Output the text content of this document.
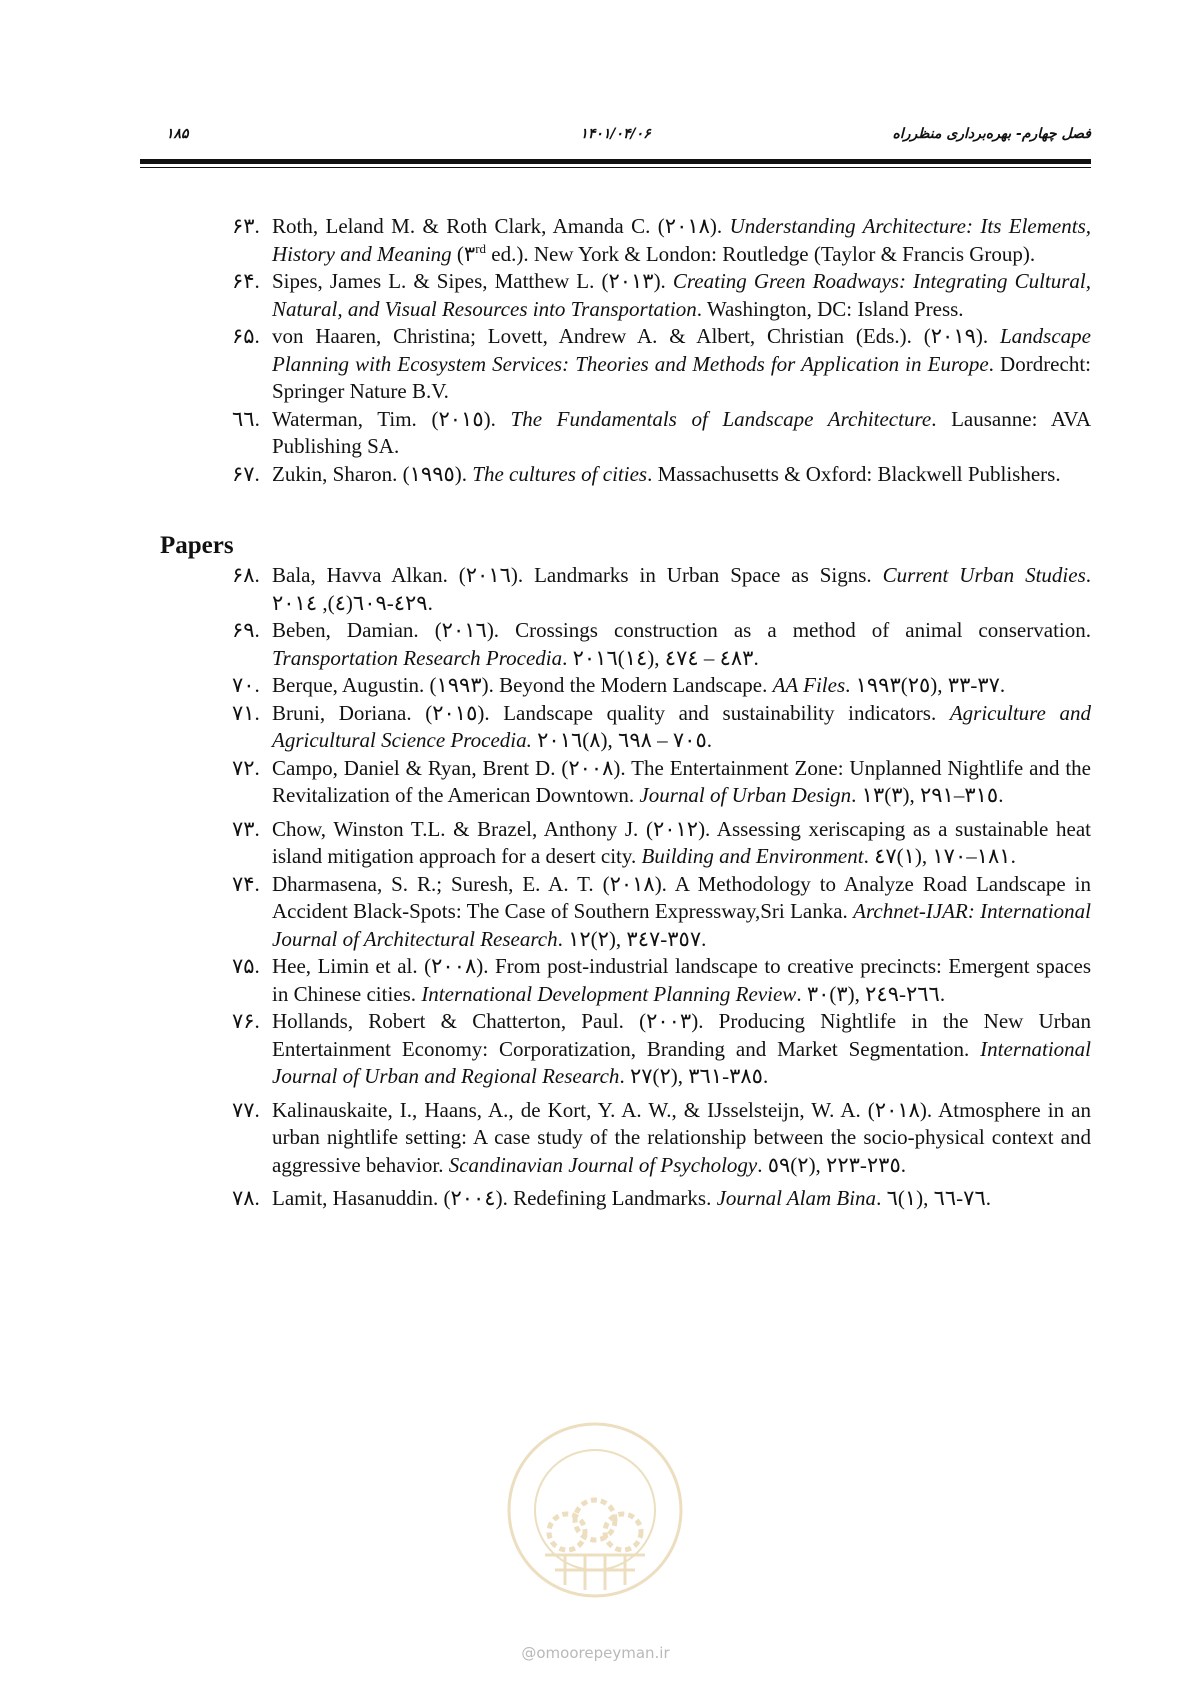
۱۸۵	۱۴۰۱/۰۴/۰۶	فصل چهارم- بهره‌برداری منظرراه
۶۳. Roth, Leland M. & Roth Clark, Amanda C. (۲۰۱۸). Understanding Architecture: Its Elements, History and Meaning (۳rd ed.). New York & London: Routledge (Taylor & Francis Group).
۶۴. Sipes, James L. & Sipes, Matthew L. (۲۰۱۳). Creating Green Roadways: Integrating Cultural, Natural, and Visual Resources into Transportation. Washington, DC: Island Press.
۶۵. von Haaren, Christina; Lovett, Andrew A. & Albert, Christian (Eds.). (۲۰۱۹). Landscape Planning with Ecosystem Services: Theories and Methods for Application in Europe. Dordrecht: Springer Nature B.V.
٦٦. Waterman, Tim. (۲۰۱٥). The Fundamentals of Landscape Architecture. Lausanne: AVA Publishing SA.
۶۷. Zukin, Sharon. (۱۹۹٥). The cultures of cities. Massachusetts & Oxford: Blackwell Publishers.
Papers
۶۸. Bala, Havva Alkan. (۲۰۱٦). Landmarks in Urban Space as Signs. Current Urban Studies. ۲۰۱٦(٤), ٤۰۹-٤۲۹.
۶۹. Beben, Damian. (۲۰۱٦). Crossings construction as a method of animal conservation. Transportation Research Procedia. ۲۰۱٦(۱٤), ٤۷٤ – ٤۸۳.
۷۰. Berque, Augustin. (۱۹۹۳). Beyond the Modern Landscape. AA Files. ۱۹۹۳(۲٥), ۳۳-۳۷.
۷۱. Bruni, Doriana. (۲۰۱٥). Landscape quality and sustainability indicators. Agriculture and Agricultural Science Procedia. ۲۰۱٦(۸), ٦۹۸ – ۷۰٥.
۷۲. Campo, Daniel & Ryan, Brent D. (۲۰۰۸). The Entertainment Zone: Unplanned Nightlife and the Revitalization of the American Downtown. Journal of Urban Design. ۱۳(۳), ۲۹۱–۳۱٥.
۷۳. Chow, Winston T.L. & Brazel, Anthony J. (۲۰۱۲). Assessing xeriscaping as a sustainable heat island mitigation approach for a desert city. Building and Environment. ٤۷(۱), ۱۷۰–۱۸۱.
۷۴. Dharmasena, S. R.; Suresh, E. A. T. (۲۰۱۸). A Methodology to Analyze Road Landscape in Accident Black-Spots: The Case of Southern Expressway,Sri Lanka. Archnet-IJAR: International Journal of Architectural Research. ۱۲(۲), ۳٤۷-۳٥۷.
۷۵. Hee, Limin et al. (۲۰۰۸). From post-industrial landscape to creative precincts: Emergent spaces in Chinese cities. International Development Planning Review. ۳۰(۳), ۲٤۹-۲٦٦.
۷۶. Hollands, Robert & Chatterton, Paul. (۲۰۰۳). Producing Nightlife in the New Urban Entertainment Economy: Corporatization, Branding and Market Segmentation. International Journal of Urban and Regional Research. ۲۷(۲), ۳٦۱-۳۸٥.
۷۷. Kalinauskaite, I., Haans, A., de Kort, Y. A. W., & IJsselsteijn, W. A. (۲۰۱۸). Atmosphere in an urban nightlife setting: A case study of the relationship between the socio-physical context and aggressive behavior. Scandinavian Journal of Psychology. ٥۹(۲), ۲۲۳-۲۳٥.
۷۸. Lamit, Hasanuddin. (۲۰۰٤). Redefining Landmarks. Journal Alam Bina. ٦(۱), ٦٦-۷٦.
@omoorepeyman.ir
